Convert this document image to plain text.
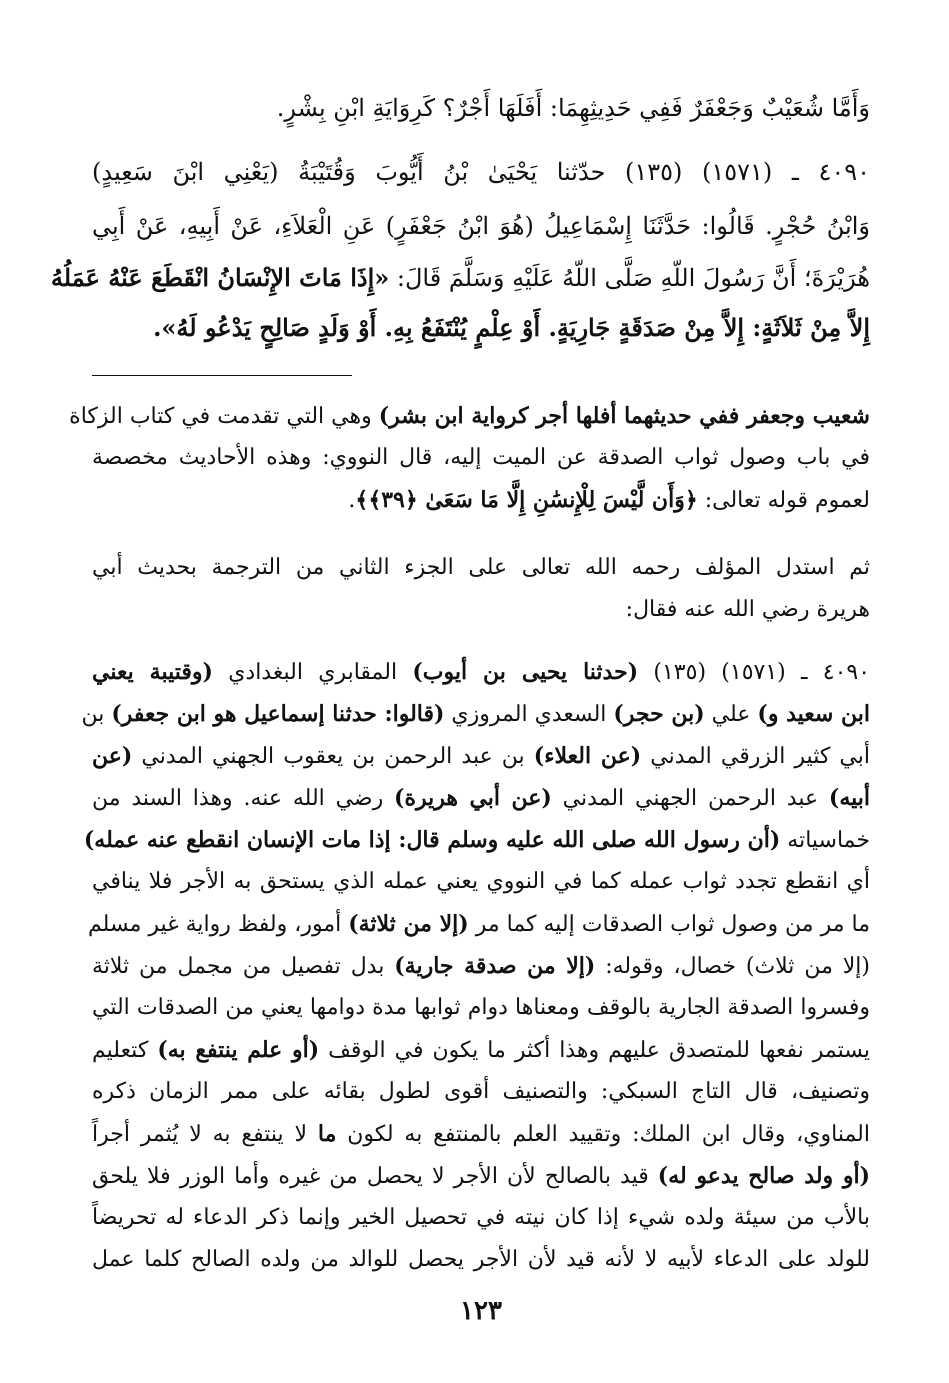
وَأَمَّا شُعَيْبٌ وَجَعْفَرٌ فَفِي حَدِيثِهِمَا: أَفَلَهَا أَجْرٌ؟ كَرِوَايَةِ ابْنِ بِشْرٍ.
٤٠٩٠ ـ (١٥٧١) (١٣٥) حدّثنا يَحْيَىٰ بْنُ أَيُّوبَ وَقُتَيْبَةُ (يَعْنِي ابْنَ سَعِيدٍ)
وَابْنُ حُجْرٍ. قَالُوا: حَدَّثَنَا إِسْمَاعِيلُ (هُوَ ابْنُ جَعْفَرٍ) عَنِ الْعَلاَءِ، عَنْ أَبِيهِ، عَنْ أَبِي
هُرَيْرَةَ؛ أَنَّ رَسُولَ اللّهِ صَلَّى اللّهُ عَلَيْهِ وَسَلَّمَ قَالَ: «إِذَا مَاتَ الإِنْسَانُ انْقَطَعَ عَنْهُ عَمَلُهُ
إِلاَّ مِنْ ثَلاَثَةٍ: إِلاَّ مِنْ صَدَقَةٍ جَارِيَةٍ. أَوْ عِلْمٍ يُنْتَفَعُ بِهِ. أَوْ وَلَدٍ صَالِحٍ يَدْعُو لَهُ».
شعيب وجعفر ففي حديثهما أفلها أجر كرواية ابن بشر) وهي التي تقدمت في كتاب الزكاة
في باب وصول ثواب الصدقة عن الميت إليه، قال النووي: وهذه الأحاديث مخصصة
لعموم قوله تعالى: ﴿وَأَن لَّيْسَ لِلْإِنسَٰنِ إِلَّا مَا سَعَىٰ ﴿٣٩﴾﴾.
ثم استدل المؤلف رحمه الله تعالى على الجزء الثاني من الترجمة بحديث أبي
هريرة رضي الله عنه فقال:
٤٠٩٠ ـ (١٥٧١) (١٣٥) (حدثنا يحيى بن أيوب) المقابري البغدادي (وقتيبة يعني
ابن سعيد و) علي (بن حجر) السعدي المروزي (قالوا: حدثنا إسماعيل هو ابن جعفر) بن
أبي كثير الزرقي المدني (عن العلاء) بن عبد الرحمن بن يعقوب الجهني المدني (عن
أبيه) عبد الرحمن الجهني المدني (عن أبي هريرة) رضي الله عنه. وهذا السند من
خماسياته (أن رسول الله صلى الله عليه وسلم قال: إذا مات الإنسان انقطع عنه عمله)
أي انقطع تجدد ثواب عمله كما في النووي يعني عمله الذي يستحق به الأجر فلا ينافي
ما مر من وصول ثواب الصدقات إليه كما مر (إلا من ثلاثة) أمور، ولفظ رواية غير مسلم
(إلا من ثلاث) خصال، وقوله: (إلا من صدقة جارية) بدل تفصيل من مجمل من ثلاثة
وفسروا الصدقة الجارية بالوقف ومعناها دوام ثوابها مدة دوامها يعني من الصدقات التي
يستمر نفعها للمتصدق عليهم وهذا أكثر ما يكون في الوقف (أو علم ينتفع به) كتعليم
وتصنيف، قال التاج السبكي: والتصنيف أقوى لطول بقائه على ممر الزمان ذكره
المناوي، وقال ابن الملك: وتقييد العلم بالمنتفع به لكون ما لا ينتفع به لا يُثمر أجراً
(أو ولد صالح يدعو له) قيد بالصالح لأن الأجر لا يحصل من غيره وأما الوزر فلا يلحق
بالأب من سيئة ولده شيء إذا كان نيته في تحصيل الخير وإنما ذكر الدعاء له تحريضاً
للولد على الدعاء لأبيه لا لأنه قيد لأن الأجر يحصل للوالد من ولده الصالح كلما عمل
١٢٣
